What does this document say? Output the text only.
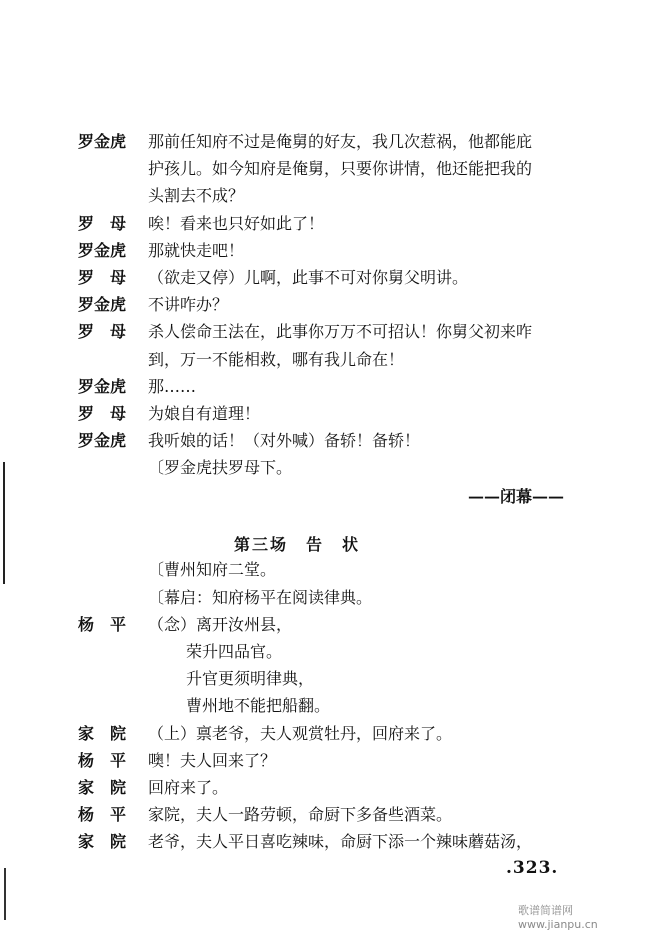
罗金虎	那前任知府不过是俺舅的好友，我几次惹祸，他都能庇
护孩儿。如今知府是俺舅，只要你讲情，他还能把我的
头割去不成？
罗　母	唉！看来也只好如此了！
罗金虎	那就快走吧！
罗　母	（欲走又停）儿啊，此事不可对你舅父明讲。
罗金虎	不讲咋办？
罗　母	杀人偿命王法在，此事你万万不可招认！你舅父初来咋
到，万一不能相救，哪有我儿命在！
罗金虎	那……
罗　母	为娘自有道理！
罗金虎	我听娘的话！（对外喊）备轿！备轿！
〔罗金虎扶罗母下。
——闭幕——
第三场　告　状
〔曹州知府二堂。
〔幕启：知府杨平在阅读律典。
杨　平	（念）离开汝州县，
荣升四品官。
升官更须明律典，
曹州地不能把船翻。
家　院	（上）禀老爷，夫人观赏牡丹，回府来了。
杨　平	噢！夫人回来了？
家　院	回府来了。
杨　平	家院，夫人一路劳顿，命厨下多备些酒菜。
家　院	老爷，夫人平日喜吃辣味，命厨下添一个辣味蘑菇汤，
.323.
歌谱简谱网 www.jianpu.cn
